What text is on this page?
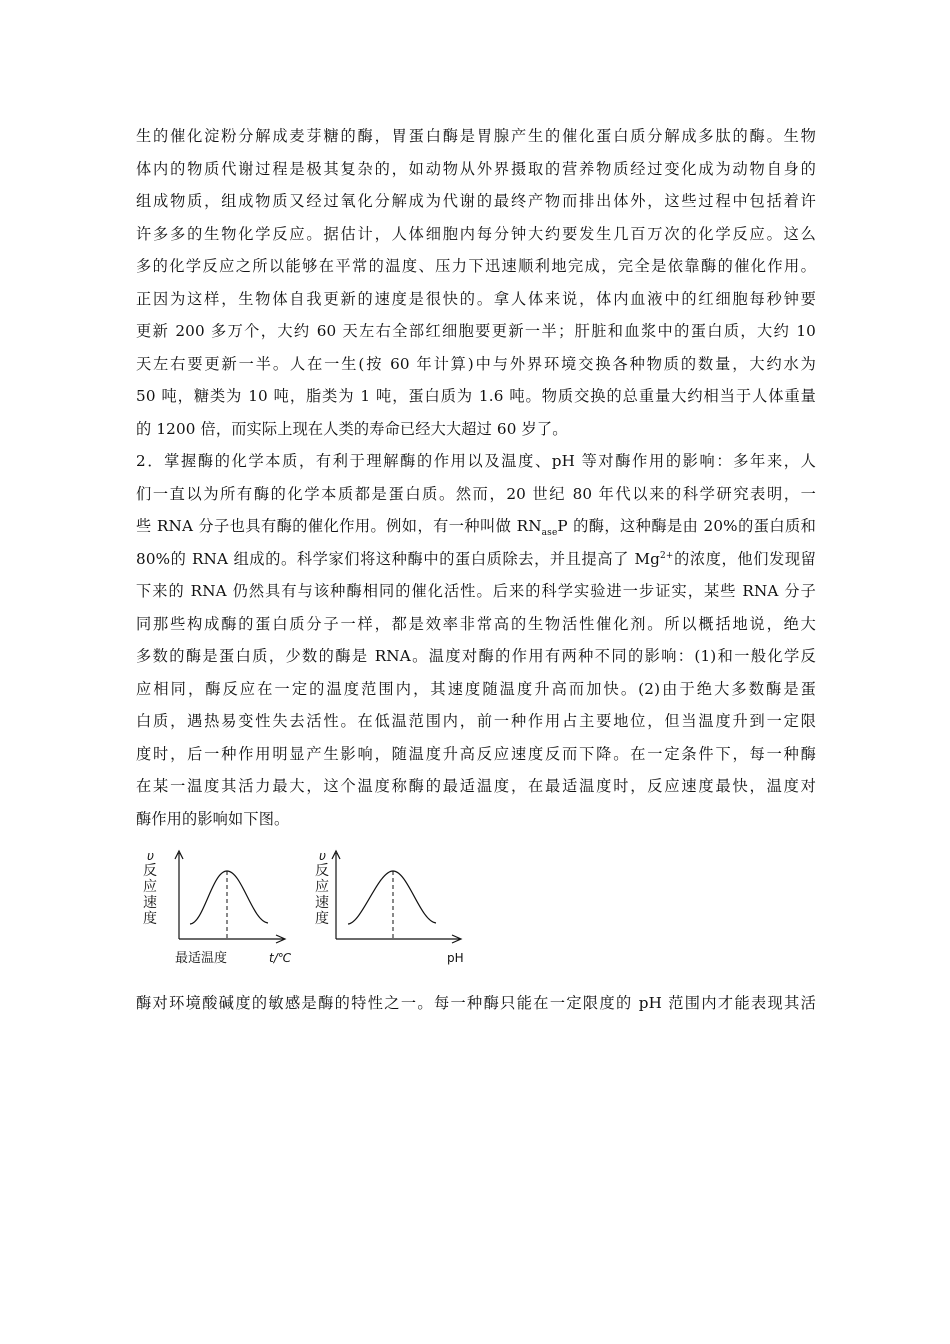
生的催化淀粉分解成麦芽糖的酶，胃蛋白酶是胃腺产生的催化蛋白质分解成多肽的酶。生物
体内的物质代谢过程是极其复杂的，如动物从外界摄取的营养物质经过变化成为动物自身的
组成物质，组成物质又经过氧化分解成为代谢的最终产物而排出体外，这些过程中包括着许
许多多的生物化学反应。据估计，人体细胞内每分钟大约要发生几百万次的化学反应。这么
多的化学反应之所以能够在平常的温度、压力下迅速顺利地完成，完全是依靠酶的催化作用。
正因为这样，生物体自我更新的速度是很快的。拿人体来说，体内血液中的红细胞每秒钟要
更新 200 多万个，大约 60 天左右全部红细胞要更新一半；肝脏和血浆中的蛋白质，大约 10
天左右要更新一半。人在一生(按 60 年计算)中与外界环境交换各种物质的数量，大约水为
50 吨，糖类为 10 吨，脂类为 1 吨，蛋白质为 1.6 吨。物质交换的总重量大约相当于人体重量
的 1200 倍，而实际上现在人类的寿命已经大大超过 60 岁了。
2．掌握酶的化学本质，有利于理解酶的作用以及温度、pH 等对酶作用的影响：多年来，人
们一直以为所有酶的化学本质都是蛋白质。然而，20 世纪 80 年代以来的科学研究表明，一
些 RNA 分子也具有酶的催化作用。例如，有一种叫做 $RN_{ase}P$ 的酶，这种酶是由 20%的蛋白质和
80%的 RNA 组成的。科学家们将这种酶中的蛋白质除去，并且提高了 $Mg^{2+}$的浓度，他们发现留
下来的 RNA 仍然具有与该种酶相同的催化活性。后来的科学实验进一步证实，某些 RNA 分子
同那些构成酶的蛋白质分子一样，都是效率非常高的生物活性催化剂。所以概括地说，绝大
多数的酶是蛋白质，少数的酶是 RNA。温度对酶的作用有两种不同的影响：(1)和一般化学反
应相同，酶反应在一定的温度范围内，其速度随温度升高而加快。(2)由于绝大多数酶是蛋
白质，遇热易变性失去活性。在低温范围内，前一种作用占主要地位，但当温度升到一定限
度时，后一种作用明显产生影响，随温度升高反应速度反而下降。在一定条件下，每一种酶
在某一温度其活力最大，这个温度称酶的最适温度，在最适温度时，反应速度最快，温度对
酶作用的影响如下图。
υ
反
应
速
度
最适温度	t/℃
υ
反
应
速
度
pH
酶对环境酸碱度的敏感是酶的特性之一。每一种酶只能在一定限度的 pH 范围内才能表现其活
